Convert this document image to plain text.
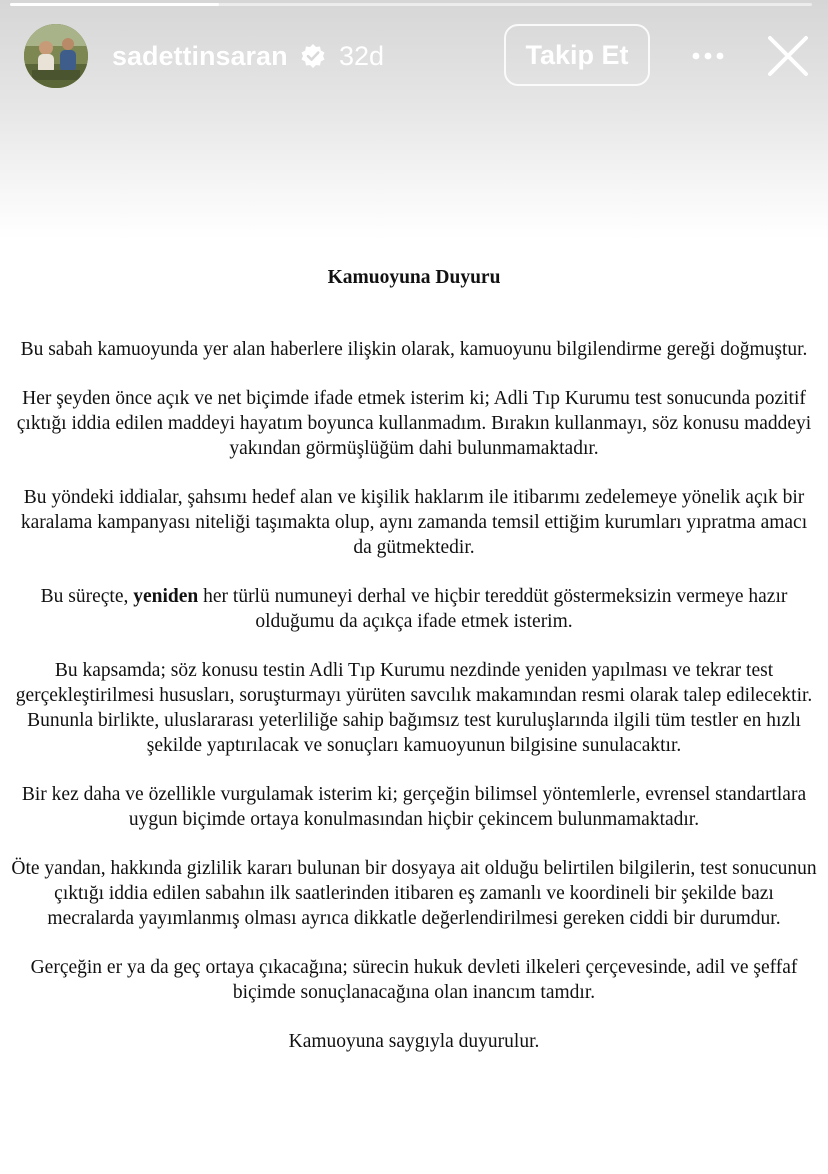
sadettinsaran 32d	Takip Et
Kamuoyuna Duyuru

Bu sabah kamuoyunda yer alan haberlere ilişkin olarak, kamuoyunu bilgilendirme gereği doğmuştur.

Her şeyden önce açık ve net biçimde ifade etmek isterim ki; Adli Tıp Kurumu test sonucunda pozitif çıktığı iddia edilen maddeyi hayatım boyunca kullanmadım. Bırakın kullanmayı, söz konusu maddeyi yakından görmüşlüğüm dahi bulunmamaktadır.

Bu yöndeki iddialar, şahsımı hedef alan ve kişilik haklarım ile itibarımı zedelemeye yönelik açık bir karalama kampanyası niteliği taşımakta olup, aynı zamanda temsil ettiğim kurumları yıpratma amacı da gütmektedir.

Bu süreçte, yeniden her türlü numuneyi derhal ve hiçbir tereddüt göstermeksizin vermeye hazır olduğumu da açıkça ifade etmek isterim.

Bu kapsamda; söz konusu testin Adli Tıp Kurumu nezdinde yeniden yapılması ve tekrar test gerçekleştirilmesi hususları, soruşturmayı yürüten savcılık makamından resmi olarak talep edilecektir.

Bununla birlikte, uluslararası yeterliliğe sahip bağımsız test kuruluşlarında ilgili tüm testler en hızlı şekilde yaptırılacak ve sonuçları kamuoyunun bilgisine sunulacaktır.

Bir kez daha ve özellikle vurgulamak isterim ki; gerçeğin bilimsel yöntemlerle, evrensel standartlara uygun biçimde ortaya konulmasından hiçbir çekincem bulunmamaktadır.

Öte yandan, hakkında gizlilik kararı bulunan bir dosyaya ait olduğu belirtilen bilgilerin, test sonucunun çıktığı iddia edilen sabahın ilk saatlerinden itibaren eş zamanlı ve koordineli bir şekilde bazı mecralarda yayımlanmış olması ayrıca dikkatle değerlendirilmesi gereken ciddi bir durumdur.

Gerçeğin er ya da geç ortaya çıkacağına; sürecin hukuk devleti ilkeleri çerçevesinde, adil ve şeffaf biçimde sonuçlanacağına olan inancım tamdır.

Kamuoyuna saygıyla duyurulur.
